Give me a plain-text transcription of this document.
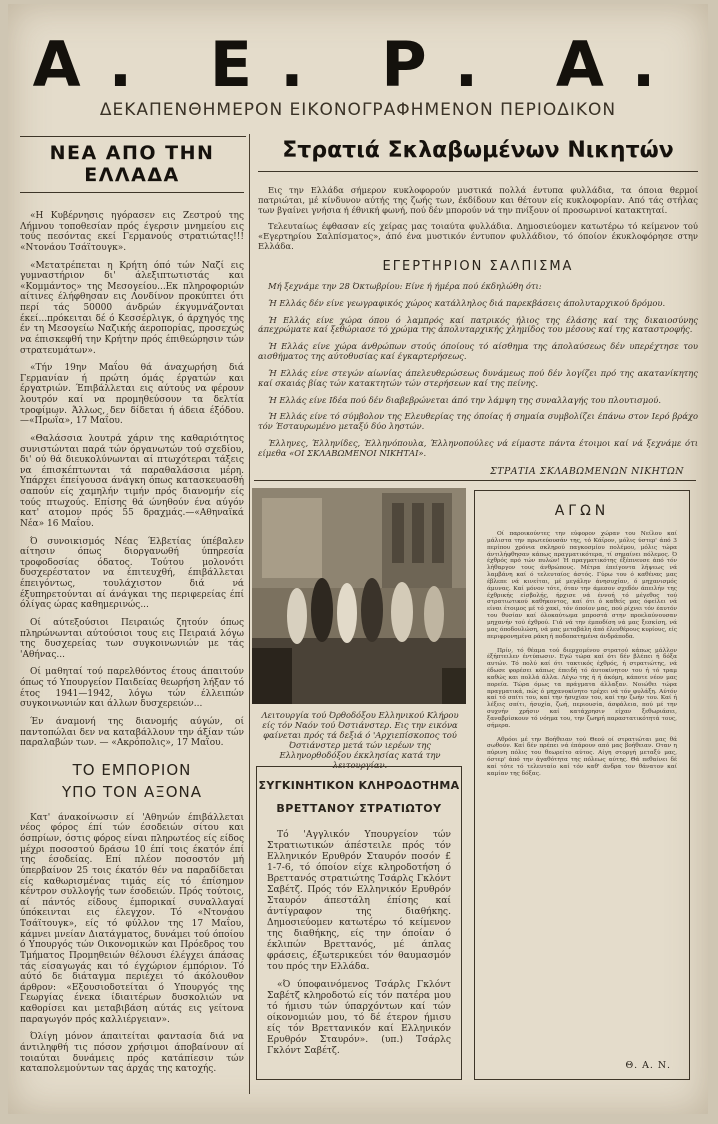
Α. Ε. Ρ. Α.
ΔΕΚΑΠΕΝΘΗΜΕΡΟΝ ΕΙΚΟΝΟΓΡΑΦΗΜΕΝΟΝ ΠΕΡΙΟΔΙΚΟΝ
ΝΕΑ ΑΠΟ ΤΗΝ ΕΛΛΑΔΑ

«Η Κυβέρνησις ηγόρασεν εις Ζεστρού της Λήμνου τοποθεσίαν πρός έγερσιν μνημείου εις τούς πεσόντας εκεί Γερμανούς στρατιώτας!!! «Ντονάου Τσάϊτουγκ».

«Μετατρέπεται η Κρήτη όπό τών Ναζί εις γυμναστήριον δι' άλεξιπτωτιστάς και «Κομμάντος» της Μεσογείου...Εκ πληροφοριών αίτινες έλήφθησαν εις Λονδίνον προκύπτει ότι περί τάς 50000 άνδρών έκγυμνάζονται έκεί...πρόκειται δέ ό Κεσσέρλιγκ, ό άρχηγός της έν τη Μεσογείω Ναζικής άεροπορίας, προσεχώς να έπισκεφθή την Κρήτην πρός έπιθεώρησιν τών στρατευμάτων».

«Τήν 19ην Μαΐου θά άναχωρήση διά Γερμανίαν ή πρώτη όμάς έργατών και έργατριών. Έπιβάλλεται εις αύτούς να φέρουν λουτρόν καί να προμηθεύσουν τα δελτία τροφίμων. Άλλως, δεν δίδεται ή άδεια έξόδου.—«Πρωΐα», 17 Μαΐου.

«Θαλάσσια λουτρά χάριν της καθαριότητος συνιστώνται παρά τών όργανωτών τού σχεδίου, δι' ού θά διευκολύνωνται αί πτωχότεραι τάξεις να έπισκέπτωνται τά παραθαλάσσια μέρη. Υπάρχει έπείγουσα άνάγκη όπως κατασκευασθή σαπούν είς χαμηλήν τιμήν πρός διανομήν είς τούς πτωχούς. Επίσης θά ώνηθούν ένα αύγόν κατ' ατομον πρός 55 δραχμάς.—«Αθηναϊκά Νέα» 16 Μαΐου.

Ό συνοικισμός Νέας Έλβετίας ύπέβαλεν αίτησιν όπως διοργανωθή ύπηρεσία τροφοδοσίας όδατος. Τούτου μολονότι δυσχερέστατον να έπιτευχθή, έπιβάλλεται έπειγόντως, τουλάχιστον διά νά έξυπηρετούνται αί άνάγκαι της περιφερείας έπί όλίγας ώρας καθημερινώς...

Οί αύτεξούσιοι Πειραιώς ζητούν όπως πληρώνωνται αύτούσιοι τους εις Πειραιά λόγω της δυσχερείας των συγκοινωνιών με τάς 'Αθήνας...

Οί μαθηταί τού παρελθόντος έτους άπαιτούν όπως τό Υπουργείον Παιδείας θεωρήση λήξαν τό έτος 1941—1942, λόγω τών έλλειπών συγκοινωνιών και άλλων δυσχερειών...

Έν άναμονή της διανομής αύγών, οί παντοπώλαι δεν να καταβάλλουν την άξίαν τών παραλαβών των. — «Ακρόπολις», 17 Μαΐου.

ΤΟ ΕΜΠΟΡΙΟΝ
ΥΠΟ ΤΟΝ ΑΞΟΝΑ

Κατ' άνακοίνωσιν εί 'Αθηνών έπιβάλλεται νέος φόρος έπί τών έσοδειών σίτου και όσπρίων, όστις φόρος είναι πληρωτέος είς είδος μέχρι ποσοστού δράσω 10 έπί τοις έκατόν έπί της έσοδείας. Επί πλέον ποσοστόν μή ύπερβαίνον 25 τοις έκατόν θέν να παραδίδεται είς καθωρισμένας τιμάς είς τό έπίσημον κέντρον συλλογής των έσοδειών. Πρός τούτοις, αί πάντός είδους έμπορικαί συναλλαγαί ύπόκεινται εις έλεγχον. Τό «Ντονάου Τσάϊτουγκ», είς τό φύλλον της 17 Μαΐου, κάμνει μνείαν Διατάγματος, δυνάμει τού όποίου ό Υπουργός τών Οικονομικών και Πρόεδρος του Τμήματος Προμηθειών θέλουσι έλέγχει άπάσας τάς είσαγωγάς και τό έγχώριον έμπόριον. Τό αύτό δε διάταγμα περιέχει τό άκόλουθον άρθρον: «Εξουσιοδοτείται ό Υπουργός της Γεωργίας ένεκα ίδιαιτέρων δυσκολιών να καθορίσει και μεταβιβάση αύτάς εις γείτονα παραγωγόν πρός καλλιέργειαν».

Όλίγη μόνον άπαιτείται φαντασία διά να άντιληφθή τις πόσον χρήσιμοι άποβαίνουν αί τοιαύται δυνάμεις πρός κατάπίεσιν τών καταπολεμούντων τας άρχάς της κατοχής.

Στρατιά Σκλαβωμένων Νικητών

Εις την Ελλάδα σήμερον κυκλοφορούν μυστικά πολλά έντυπα φυλλάδια, τα όποια θερμοί πατριώται, μέ κίνδυνον αύτής της ζωής των, έκδίδουν και θέτουν είς κυκλοφορίαν. Από τάς στήλας των βγαίνει γνήσια ή έθνική φωνή, πού δέν μπορούν νά την πνίξουν οί προσωρινοί κατακτηταί.

Τελευταίως έφθασαν είς χείρας μας τοιαύτα φυλλάδια. Δημοσιεύομεν κατωτέρω τό κείμενον τού «Εγερτηρίου Σαλπίσματος», άπό ένα μυστικόν έντυπον φυλλάδιον, τό όποίον έκυκλοφόρησε στην Ελλάδα.

ΕΓΕΡΤΗΡΙΟΝ ΣΑΛΠΙΣΜΑ

Μή ξεχνάμε την 28 Όκτωβρίου: Είνε ή ήμέρα πού έκδηλώθη ότι:

Ή Ελλάς δέν είνε γεωγραφικός χώρος κατάλληλος διά παρεκβάσεις άπολυταρχικού δρόμου.

Ή Ελλάς είνε χώρα όπου ό λαμπρός καί πατρικός ήλιος της έλάσης καί της δικαιοσύνης άπεχρώματε καί ξεθώριασε τό χρώμα της άπολυταρχικής χλημίδος του μέσους καί της καταστροφής.

Ή Ελλάς είνε χώρα άνθρώπων στούς όποίους τό αίσθημα της άπολαύσεως δέν υπερέχτησε του αισθήματος της αύτοθυσίας καί έγκαρτερήσεως.

Ή Ελλάς είνε στεγών αίωνίας άπελευθερώσεως δυνάμεως πού δέν λογίζει πρό της ακατανίκητης καί σκαιάς βίας τών κατακτητών τών στερήσεων καί της πείνης.

Ή Ελλάς είνε Ιδέα πού δέν διαβεβρώνεται άπό την λάμψη της συναλλαγής του πλουτισμού.

Ή Ελλάς είνε τό σύμβολον της Ελευθερίας της όποίας ή σημαία συμβολίζει έπάνω στον Ιερό βράχο τόν Έσταυρωμένο μεταξύ δύο ληστών.

Έλληνες, Έλληνίδες, Έλληνόπουλα, Έλληνοπούλες νά είμαστε πάντα έτοιμοι καί νά ξεχνάμε ότι είμεθα «ΟΙ ΣΚΛΑΒΩΜΕΝΟΙ ΝΙΚΗΤΑΙ».

ΣΤΡΑΤΙΑ ΣΚΛΑΒΩΜΕΝΩΝ ΝΙΚΗΤΩΝ
Λειτουργία τού Όρθοδόξου Ελληνικού Κλήρου είς τόν Ναόν τού Όστιάνστερ. Εις την εικόνα φαίνεται πρός τά δεξιά ό 'Αρχιεπίσκοπος τού Όστιάνστερ μετά τών ιερέων της Ελληνορθοδόξου έκκλησίας κατά την λειτουργίαν.
ΣΥΓΚΙΝΗΤΙΚΟΝ ΚΛΗΡΟΔΟΤΗΜΑ
ΒΡΕΤΤΑΝΟΥ ΣΤΡΑΤΙΩΤΟΥ

Τό 'Αγγλικόν Υπουργείον τών Στρατιωτικών άπέστειλε πρός τόν Ελληνικόν Ερυθρόν Σταυρόν ποσόν £ 1-7-6, τό όποίον είχε κληροδοτήση ό Βρεττανός στρατιώτης Τσάρλς Γκλόντ Σαβέτζ. Πρός τόν Ελληνικόν Ερυθρόν Σταυρόν άπεστάλη έπίσης καί άντίγραφον της διαθήκης. Δημοσιεύομεν κατωτέρω τό κείμενον της διαθήκης, είς την όποίαν ό έκλιπών Βρεττανός, μέ άπλας φράσεις, έξωτερικεύει τόν θαυμασμόν του πρός την Ελλάδα.

«Ό ύποφαινόμενος Τσάρλς Γκλόντ Σαβέτζ κληροδοτώ είς τόν πατέρα μου τό ήμισυ τών ύπαρχόντων καί τών οίκονομιών μου, τό δέ έτερον ήμισυ είς τόν Βρεττανικόν καί Ελληνικόν Ερυθρόν Σταυρόν». (υπ.) Τσάρλς Γκλόντ Σαβέτζ.

ΑΓΩΝ

Οί παροικούντες την εύφορον χώραν του Νείλου καί μάλιστα την πρωτεύουσάν της, τό Κάϊρον, μόλις ύστερ' άπό 3 περίπου χρόνια σκληρού παγκοσμίου πολέμου, μόλις τώρα άντιλήφθησαν κάπως πραγματικότερα, τί σημαίνει πόλεμος. Ό έχθρός πρό τών πυλών! Ή πραγματικότης έξέπνευσε άπό τόν λήθαργον τους άνθρώπους. Μέτρα έπείγοντα λήψεως νά λαμβάνη καί ό τελευταίος άστός. Γύρω του ό καθένας μας έβλεπε νά κινείται, μέ μεγάλην άνησυχίαν, ό μηχανισμός άμυνας. Καί μόνον τότε, όταν την άμεσον σχεδόν άπειλήν της έχθρικής είσβολής, ήρχισε νά έννοή τό μέγεθος τού στρατιωτικού καθήκοντος, καί ότι ό καθείς μας όφείλει νά είναι έτοιμος μέ τό χακί, τόν όποίον μας, πού ρίχνει τόν έαυτόν του θυσίαν καί όλοκαύτωμα μπροστά στην προελαύνουσαν μηχανήν τού έχθρού. Γιά νά την έμποδίση νά μας ξεσκίση, νά μας όποδουλώση, νά μας μεταβάλη άπό έλευθέρους κυρίους, είς περιφρονημένα ράκη ή ποδοπατημένα άνδράποδα.

Πρίν, τό θέαμα τού διερχομένου στρατού κάπως μάλλον έξήπτειλεν έντύπωσιν. Εγώ τώρα καί ότι δέν βλέπει ή δόξα αυτών. Τό πολύ καί ότι τακτικός έχθρός, ή στρατιώτης, νά έδωσε φορέσει κάπως έπειδή τό άυτοκίνητον του ή τό τραμ καθώς και πολλά άλλα. Λέγω της ή ή άκόμη, κάποτε νέον μας πορεία. Τώρα όμως τα πράγματα άλλαξαν. Νοιώθει τώρα πραγματικά, πώς ό μηχανοκίνητο τρέχει νά τόν φυλάξη. Αύτόν καί τό σπίτι του, καί την ήσυχίαν του, καί την ζωήν του. Καί ή λέξεις σπίτι, ήσυχία, ζωή, περιουσία, άσφάλεια, πού μέ την συχνήν χρήσιν καί κατάχρησιν είχαν ξεθωριάσει, ξαναβρίσκουν τό νόημα του, την ζωηρή παραστατικότητά τους, σήμερα.

Αθρόοι μέ την Βοήθειαν τού Θεού οί στρατιώται μας θά σωθούν. Καί δέν πρέπει νά έπάρουν από μας βοήθειαν. Οταν η πύρινη πόλις του θεωρείτο αύτος. Αίγη στοργή μεταξύ μας, όστερ' άπό την άγαθότητα της πόλεως αύτης. Θά πεθαίνει δέ καί τότε τό τελευταίο καί τόν καθ' άνδρα τον θάνατον καί καμίαν της δόξας.

Θ. Α. Ν.
